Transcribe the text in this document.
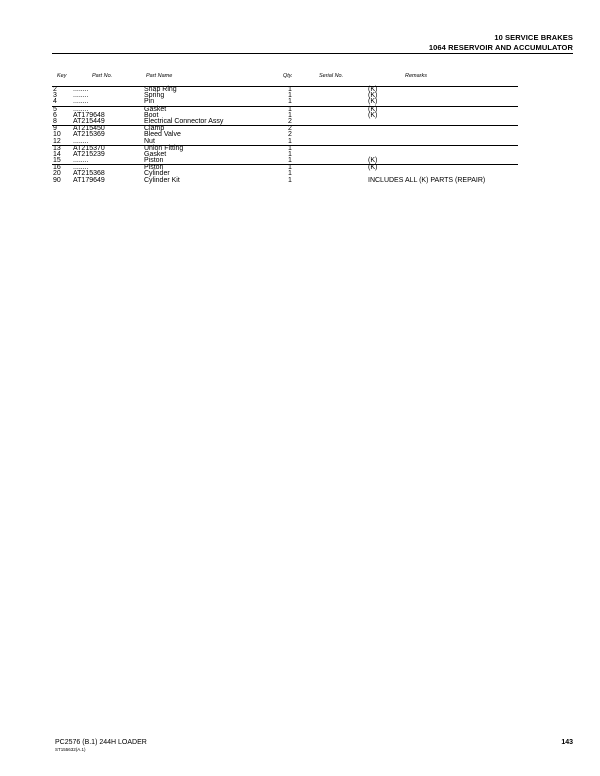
10 SERVICE BRAKES
1064 RESERVOIR AND ACCUMULATOR
Key	Part No.	Part Name	Qty.	Serial No.	Remarks
2 ........	Snap Ring	1	(K)
3 ........	Spring	1	(K)
4 ........	Pin	1	(K)
5 ........	Gasket	1	(K)
6 AT179648	Boot	1	(K)
8 AT215449	Electrical Connector Assy	2
9 AT215450	Clamp	2
10 AT215369	Bleed Valve	2
12 ........	Nut	1
13 AT215370	Union Fitting	1
14 AT215239	Gasket	1
15 ........	Piston	1	(K)
16 ........	Piston	1	(K)
20 AT215368	Cylinder	1
90 AT179649	Cylinder Kit	1	INCLUDES ALL (K) PARTS (REPAIR)
PC2576 (B.1) 244H LOADER
ST155632(A.1)
143
